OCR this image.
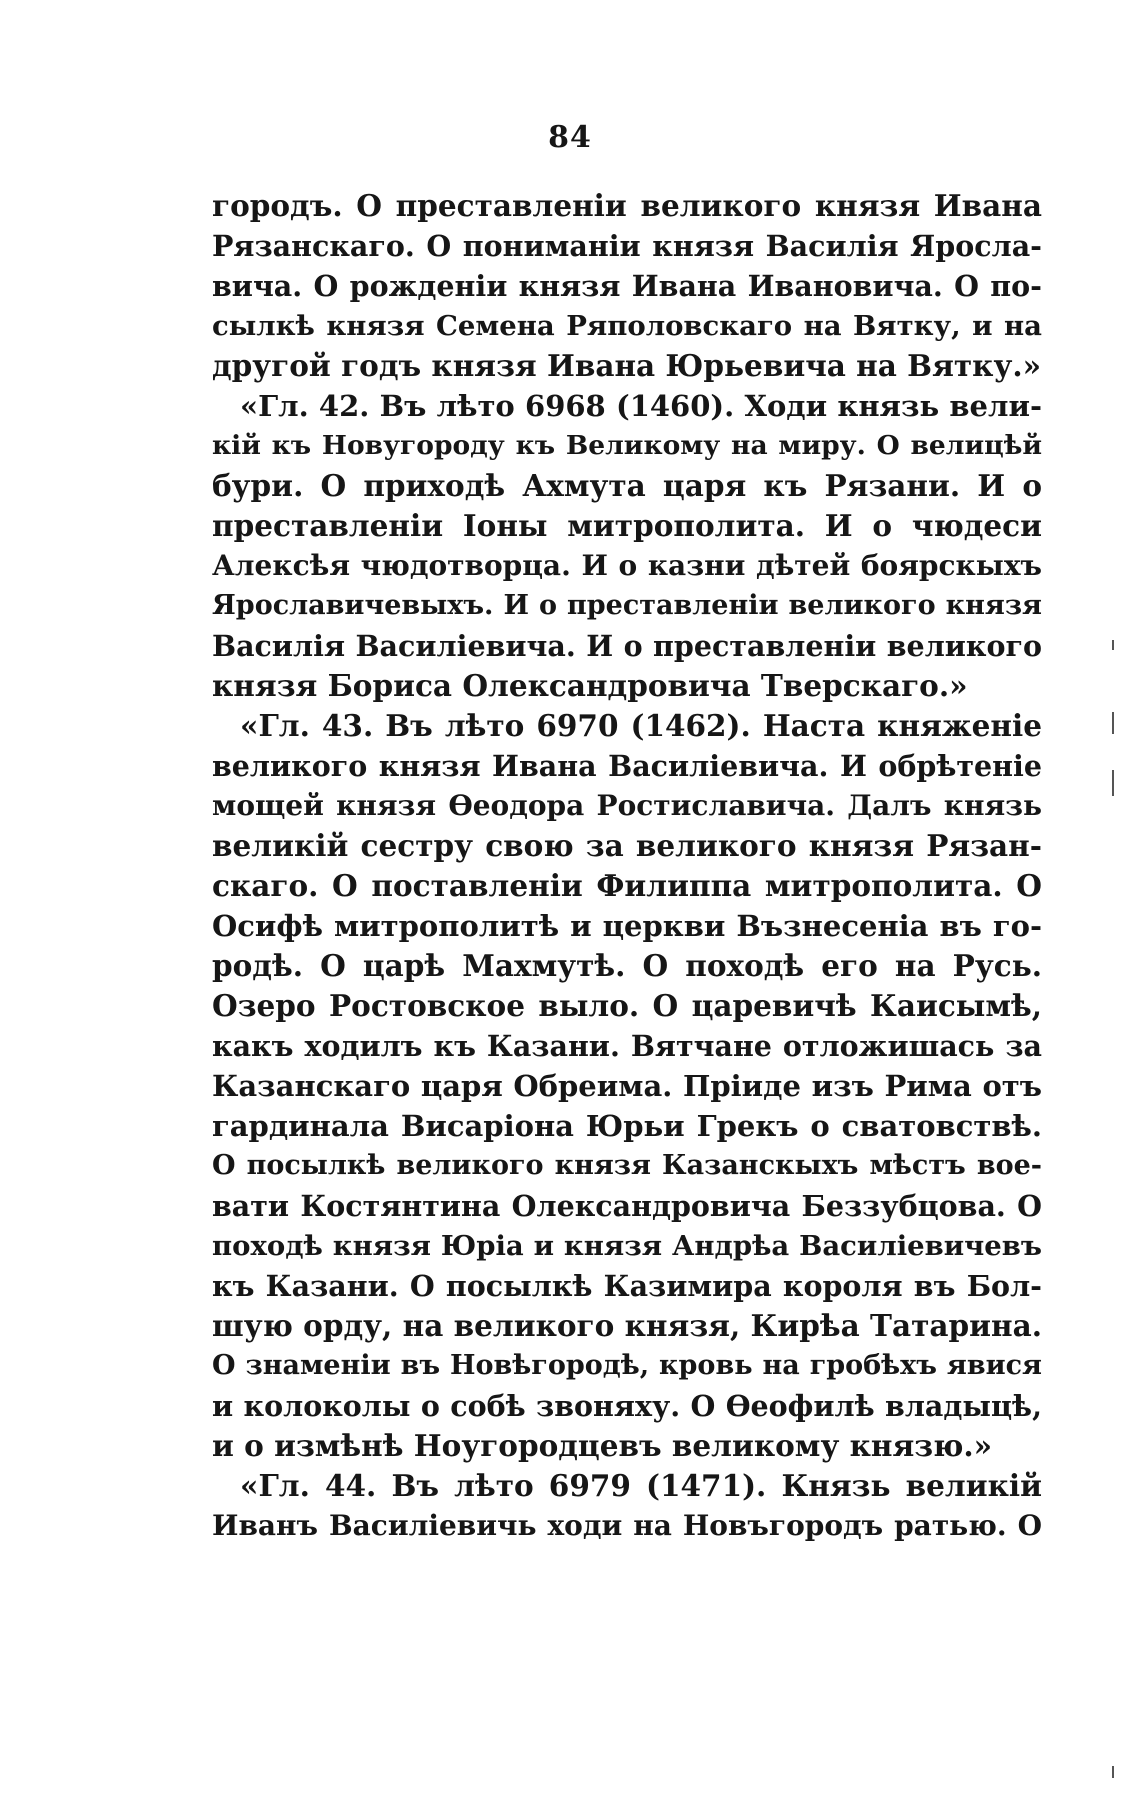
84
городъ. О преставленіи великого князя Ивана
Рязанскаго. О пониманіи князя Василія Яросла-
вича. О рожденіи князя Ивана Ивановича. О по-
сылкѣ князя Семена Ряполовскаго на Вятку, и на
другой годъ князя Ивана Юрьевича на Вятку.»
«Гл. 42. Въ лѣто 6968 (1460). Ходи князь вели-
кій къ Новугороду къ Великому на миру. О велицѣй
бури. О приходѣ Ахмута царя къ Рязани. И о
преставленіи Іоны митрополита. И о чюдеси
Алексѣя чюдотворца. И о казни дѣтей боярскыхъ
Ярославичевыхъ. И о преставленіи великого князя
Василія Василіевича. И о преставленіи великого
князя Бориса Олександровича Тверскаго.»
«Гл. 43. Въ лѣто 6970 (1462). Наста княженіе
великого князя Ивана Василіевича. И обрѣтеніе
мощей князя Ѳеодора Ростиславича. Далъ князь
великій сестру свою за великого князя Рязан-
скаго. О поставленіи Филиппа митрополита. О
Осифѣ митрополитѣ и церкви Възнесеніа въ го-
родѣ. О царѣ Махмутѣ. О походѣ его на Русь.
Озеро Ростовское выло. О царевичѣ Каисымѣ,
какъ ходилъ къ Казани. Вятчане отложишась за
Казанскаго царя Обреима. Пріиде изъ Рима отъ
гардинала Висаріона Юрьи Грекъ о сватовствѣ.
О посылкѣ великого князя Казанскыхъ мѣстъ вое-
вати Костянтина Олександровича Беззубцова. О
походѣ князя Юріа и князя Андрѣа Василіевичевъ
къ Казани. О посылкѣ Казимира короля въ Бол-
шую орду, на великого князя, Кирѣа Татарина.
О знаменіи въ Новѣгородѣ, кровь на гробѣхъ явися
и колоколы о собѣ звоняху. О Ѳеофилѣ владыцѣ,
и о измѣнѣ Ноугородцевъ великому князю.»
«Гл. 44. Въ лѣто 6979 (1471). Князь великій
Иванъ Василіевичь ходи на Новъгородъ ратью. О
